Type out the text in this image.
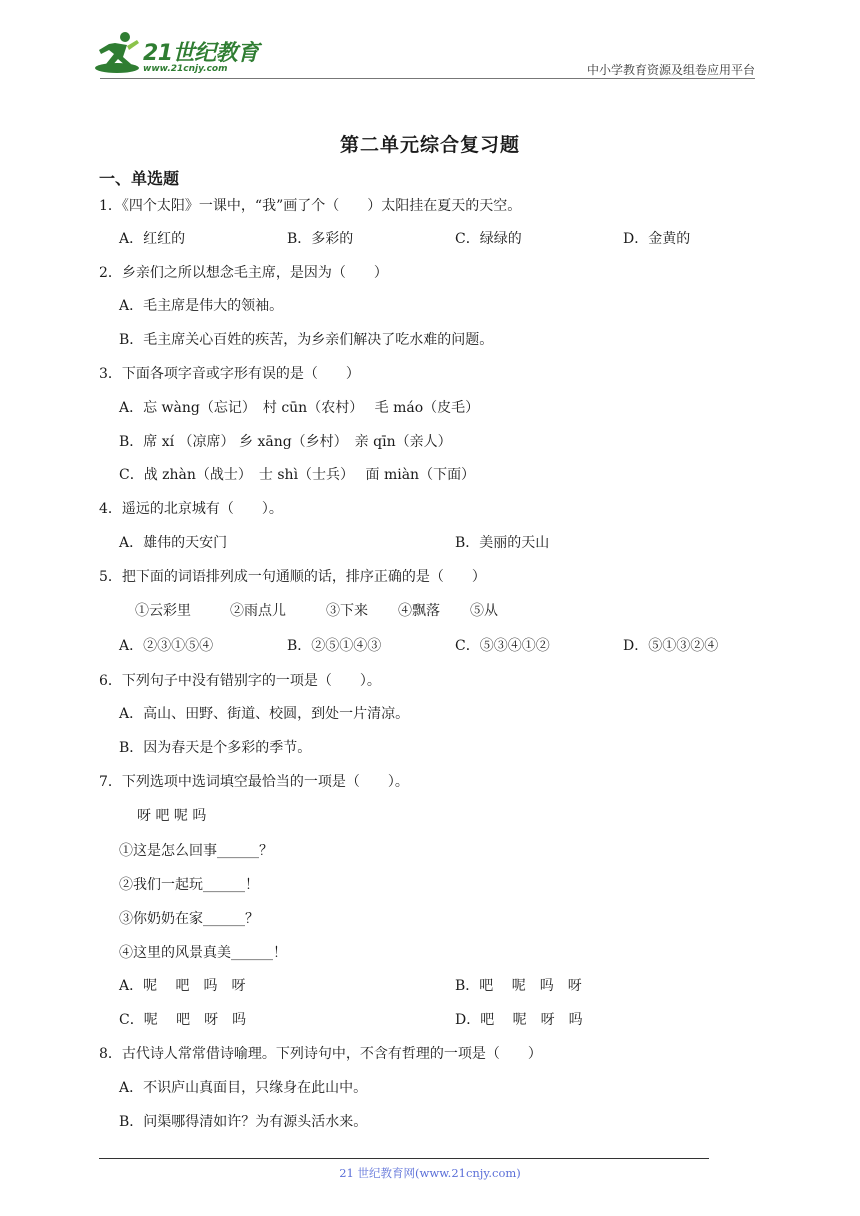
21世纪教育
www.21cnjy.com	中小学教育资源及组卷应用平台
第二单元综合复习题
一、单选题
1．《四个太阳》一课中，“我”画了个（　　）太阳挂在夏天的天空。
A．红红的	B．多彩的	C．绿绿的	D．金黄的
2．乡亲们之所以想念毛主席，是因为（　　）
A．毛主席是伟大的领袖。
B．毛主席关心百姓的疾苦，为乡亲们解决了吃水难的问题。
3．下面各项字音或字形有误的是（　　）
A．忘 wàng（忘记）　村 cūn（农村）　 毛 máo（皮毛）
B．席 xí （凉席） 乡 xāng（乡村）　亲 qīn（亲人）
C．战 zhàn（战士）　士 shì（士兵）　 面 miàn（下面）
4．遥远的北京城有（　　）。
A．雄伟的天安门	B．美丽的天山
5．把下面的词语排列成一句通顺的话，排序正确的是（　　）
①云彩里	②雨点儿	③下来 ④飘落 ⑤从
A．②③①⑤④	B．②⑤①④③	C．⑤③④①②	D．⑤①③②④
6．下列句子中没有错别字的一项是（　　）。
A．高山、田野、街道、校圆，到处一片清凉。
B．因为春天是个多彩的季节。
7．下列选项中选词填空最恰当的一项是（　　）。
呀 吧 呢 吗
①这是怎么回事______？
②我们一起玩______！
③你奶奶在家______？
④这里的风景真美______！
A．呢　 吧　吗　呀	B．吧　 呢　吗　呀
C．呢　 吧　呀　吗	D．吧　 呢　呀　吗
8．古代诗人常常借诗喻理。下列诗句中，不含有哲理的一项是（　　）
A．不识庐山真面目，只缘身在此山中。
B．问渠哪得清如许？为有源头活水来。
21 世纪教育网(www.21cnjy.com)
